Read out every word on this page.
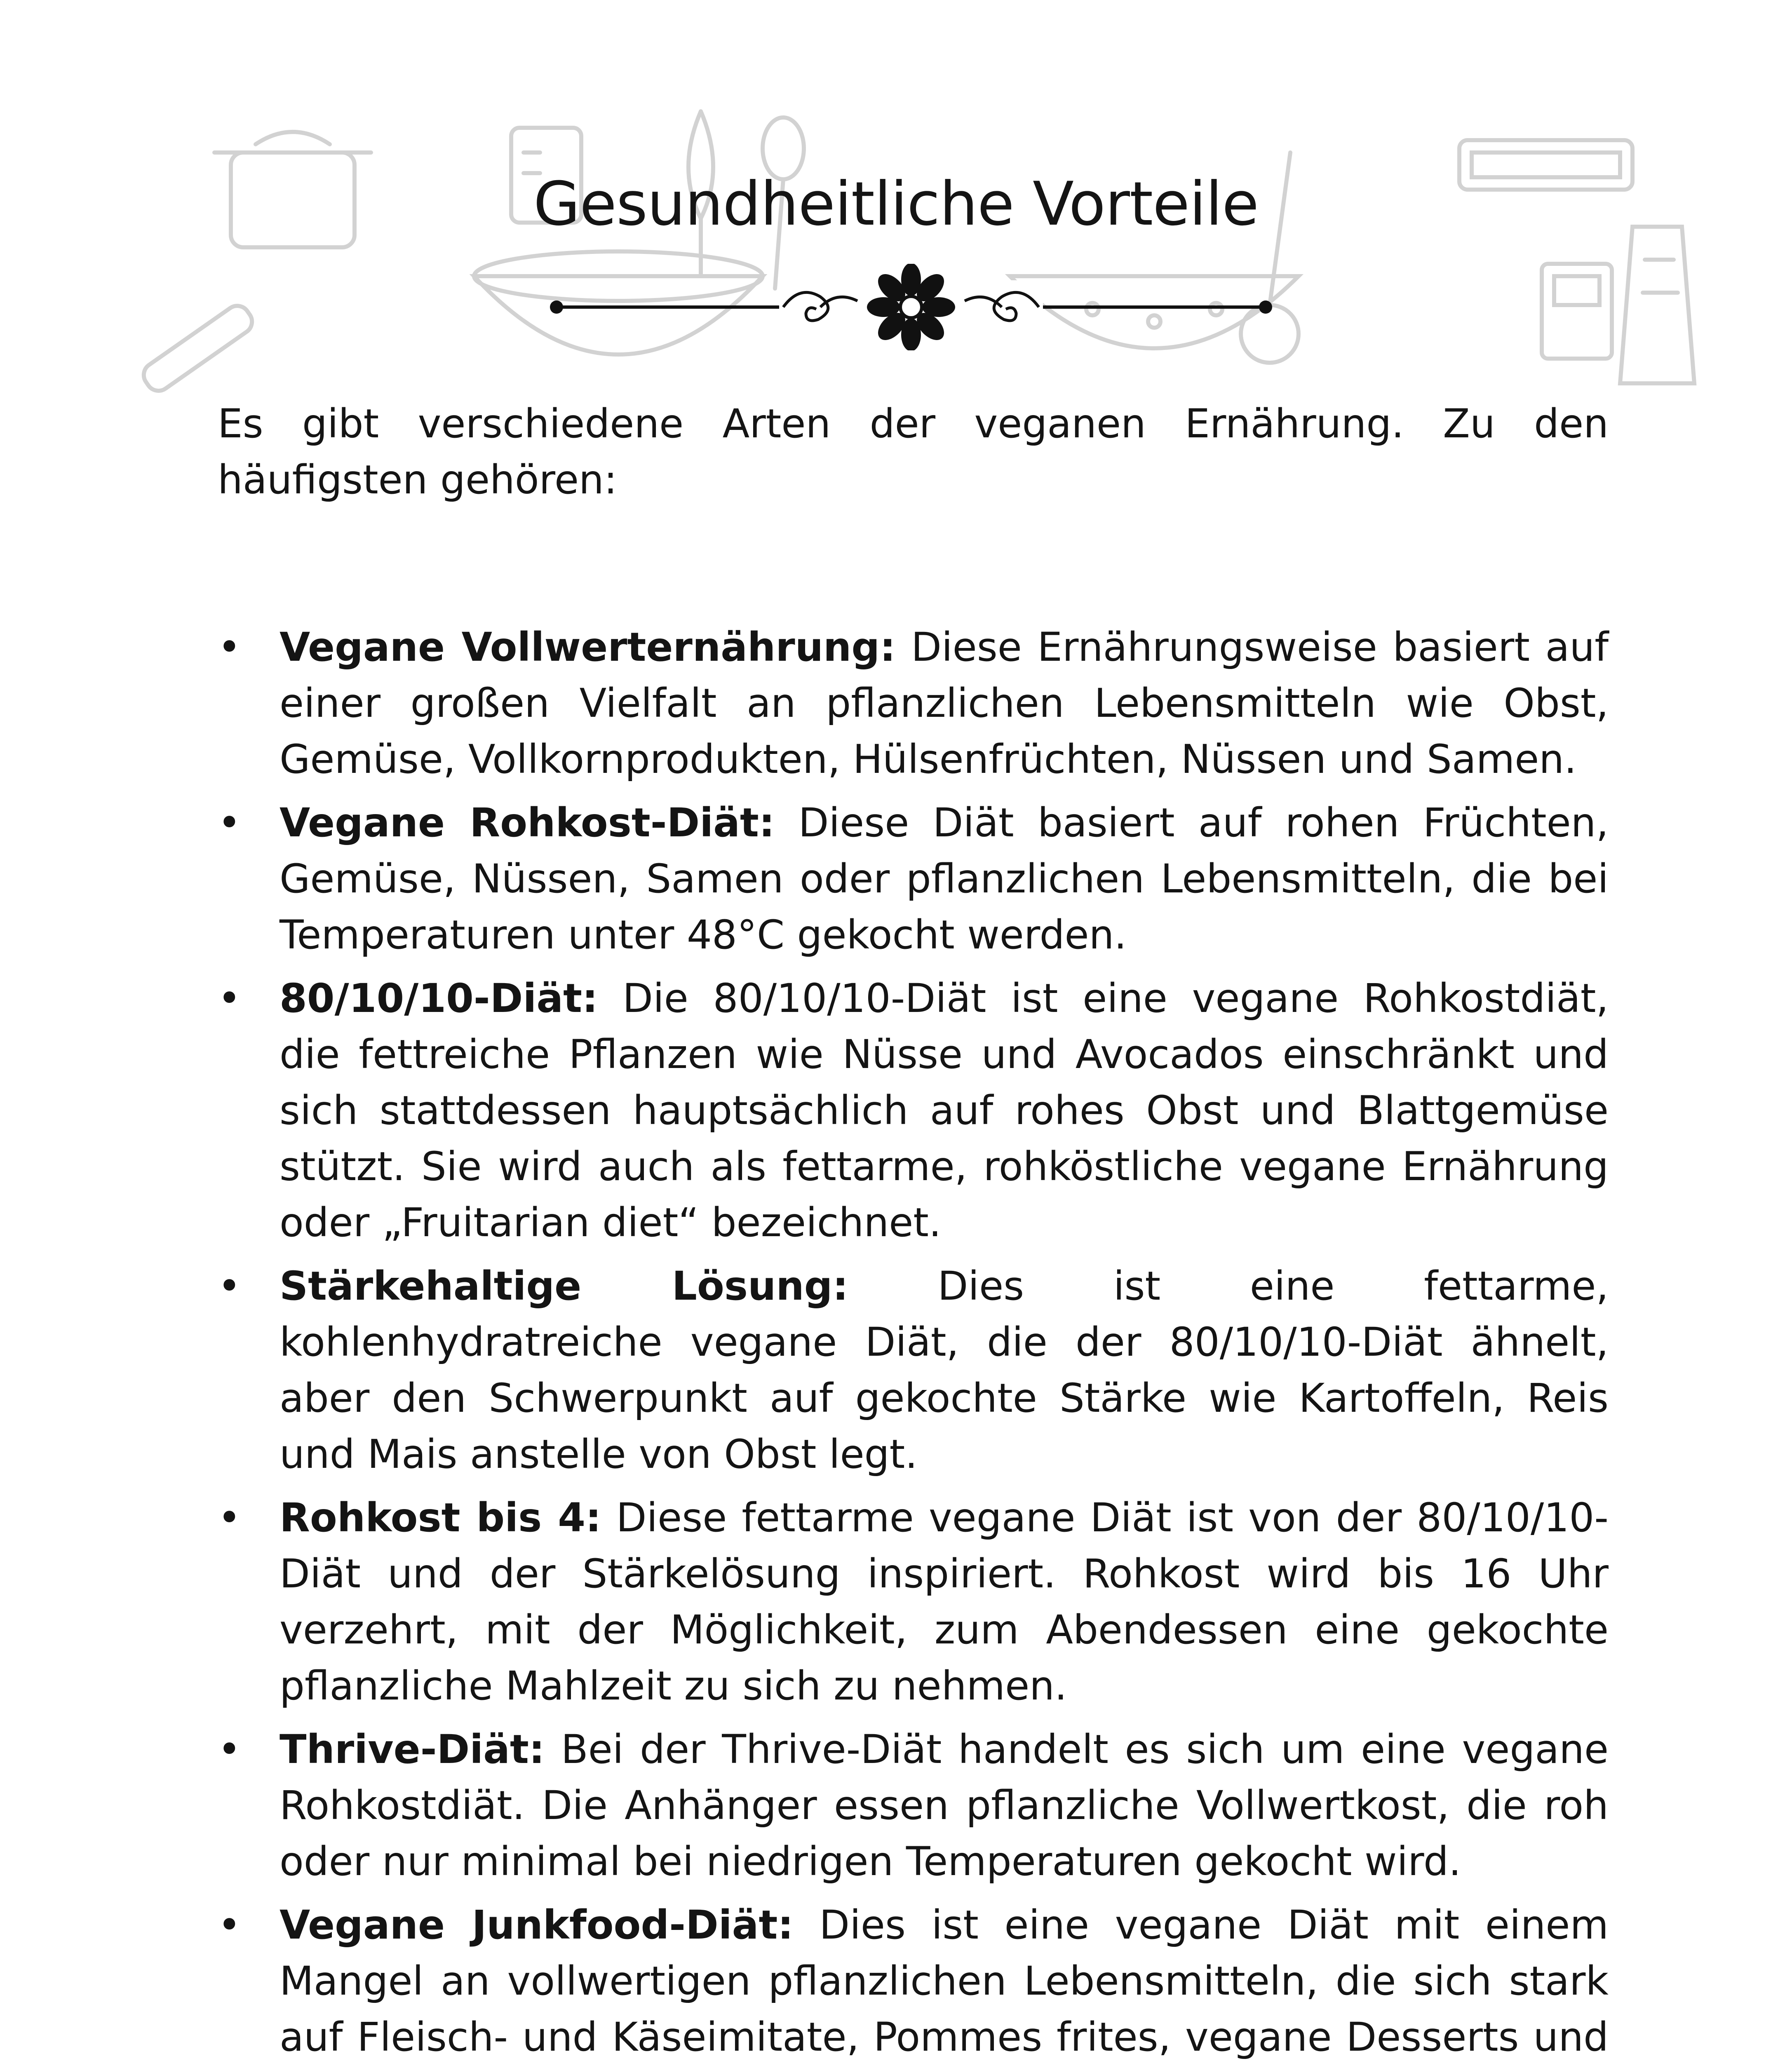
Gesundheitliche Vorteile

Es gibt verschiedene Arten der veganen Ernährung. Zu den häufigsten gehören:

• Vegane Vollwerternährung: Diese Ernährungsweise basiert auf einer großen Vielfalt an pflanzlichen Lebensmitteln wie Obst, Gemüse, Vollkornprodukten, Hülsenfrüchten, Nüssen und Samen.
• Vegane Rohkost-Diät: Diese Diät basiert auf rohen Früchten, Gemüse, Nüssen, Samen oder pflanzlichen Lebensmitteln, die bei Temperaturen unter 48°C gekocht werden.
• 80/10/10-Diät: Die 80/10/10-Diät ist eine vegane Rohkostdiät, die fettreiche Pflanzen wie Nüsse und Avocados einschränkt und sich stattdessen hauptsächlich auf rohes Obst und Blattgemüse stützt. Sie wird auch als fettarme, rohköstliche vegane Ernährung oder „Fruitarian diet“ bezeichnet.
• Stärkehaltige Lösung: Dies ist eine fettarme, kohlenhydratreiche vegane Diät, die der 80/10/10-Diät ähnelt, aber den Schwerpunkt auf gekochte Stärke wie Kartoffeln, Reis und Mais anstelle von Obst legt.
• Rohkost bis 4: Diese fettarme vegane Diät ist von der 80/10/10-Diät und der Stärkelösung inspiriert. Rohkost wird bis 16 Uhr verzehrt, mit der Möglichkeit, zum Abendessen eine gekochte pflanzliche Mahlzeit zu sich zu nehmen.
• Thrive-Diät: Bei der Thrive-Diät handelt es sich um eine vegane Rohkostdiät. Die Anhänger essen pflanzliche Vollwertkost, die roh oder nur minimal bei niedrigen Temperaturen gekocht wird.
• Vegane Junkfood-Diät: Dies ist eine vegane Diät mit einem Mangel an vollwertigen pflanzlichen Lebensmitteln, die sich stark auf Fleisch- und Käseimitate, Pommes frites, vegane Desserts und
